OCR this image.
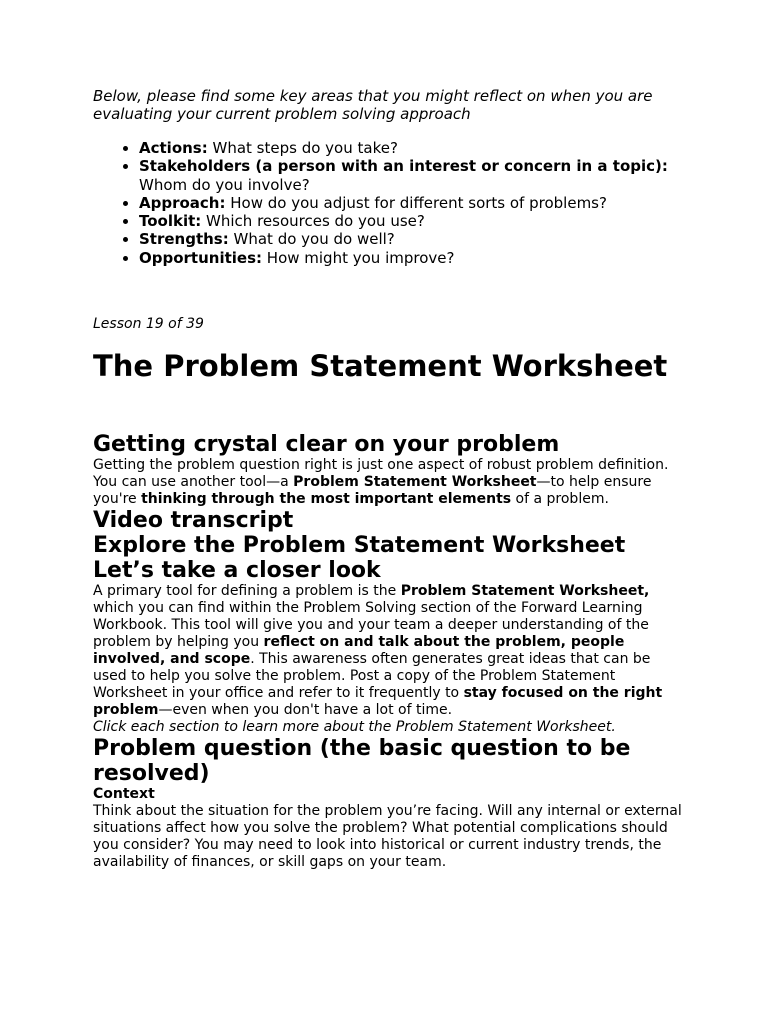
Below, please find some key areas that you might reflect on when you are evaluating your current problem solving approach

• Actions: What steps do you take?
• Stakeholders (a person with an interest or concern in a topic): Whom do you involve?
• Approach: How do you adjust for different sorts of problems?
• Toolkit: Which resources do you use?
• Strengths: What do you do well?
• Opportunities: How might you improve?

Lesson 19 of 39

The Problem Statement Worksheet
Getting crystal clear on your problem

Getting the problem question right is just one aspect of robust problem definition. You can use another tool—a Problem Statement Worksheet—to help ensure you're thinking through the most important elements of a problem.

Video transcript
Explore the Problem Statement Worksheet
Let’s take a closer look

A primary tool for defining a problem is the Problem Statement Worksheet, which you can find within the Problem Solving section of the Forward Learning Workbook. This tool will give you and your team a deeper understanding of the problem by helping you reflect on and talk about the problem, people involved, and scope. This awareness often generates great ideas that can be used to help you solve the problem. Post a copy of the Problem Statement Worksheet in your office and refer to it frequently to stay focused on the right problem—even when you don't have a lot of time.

Click each section to learn more about the Problem Statement Worksheet.

Problem question (the basic question to be resolved)
Context

Think about the situation for the problem you’re facing. Will any internal or external situations affect how you solve the problem? What potential complications should you consider? You may need to look into historical or current industry trends, the availability of finances, or skill gaps on your team.
